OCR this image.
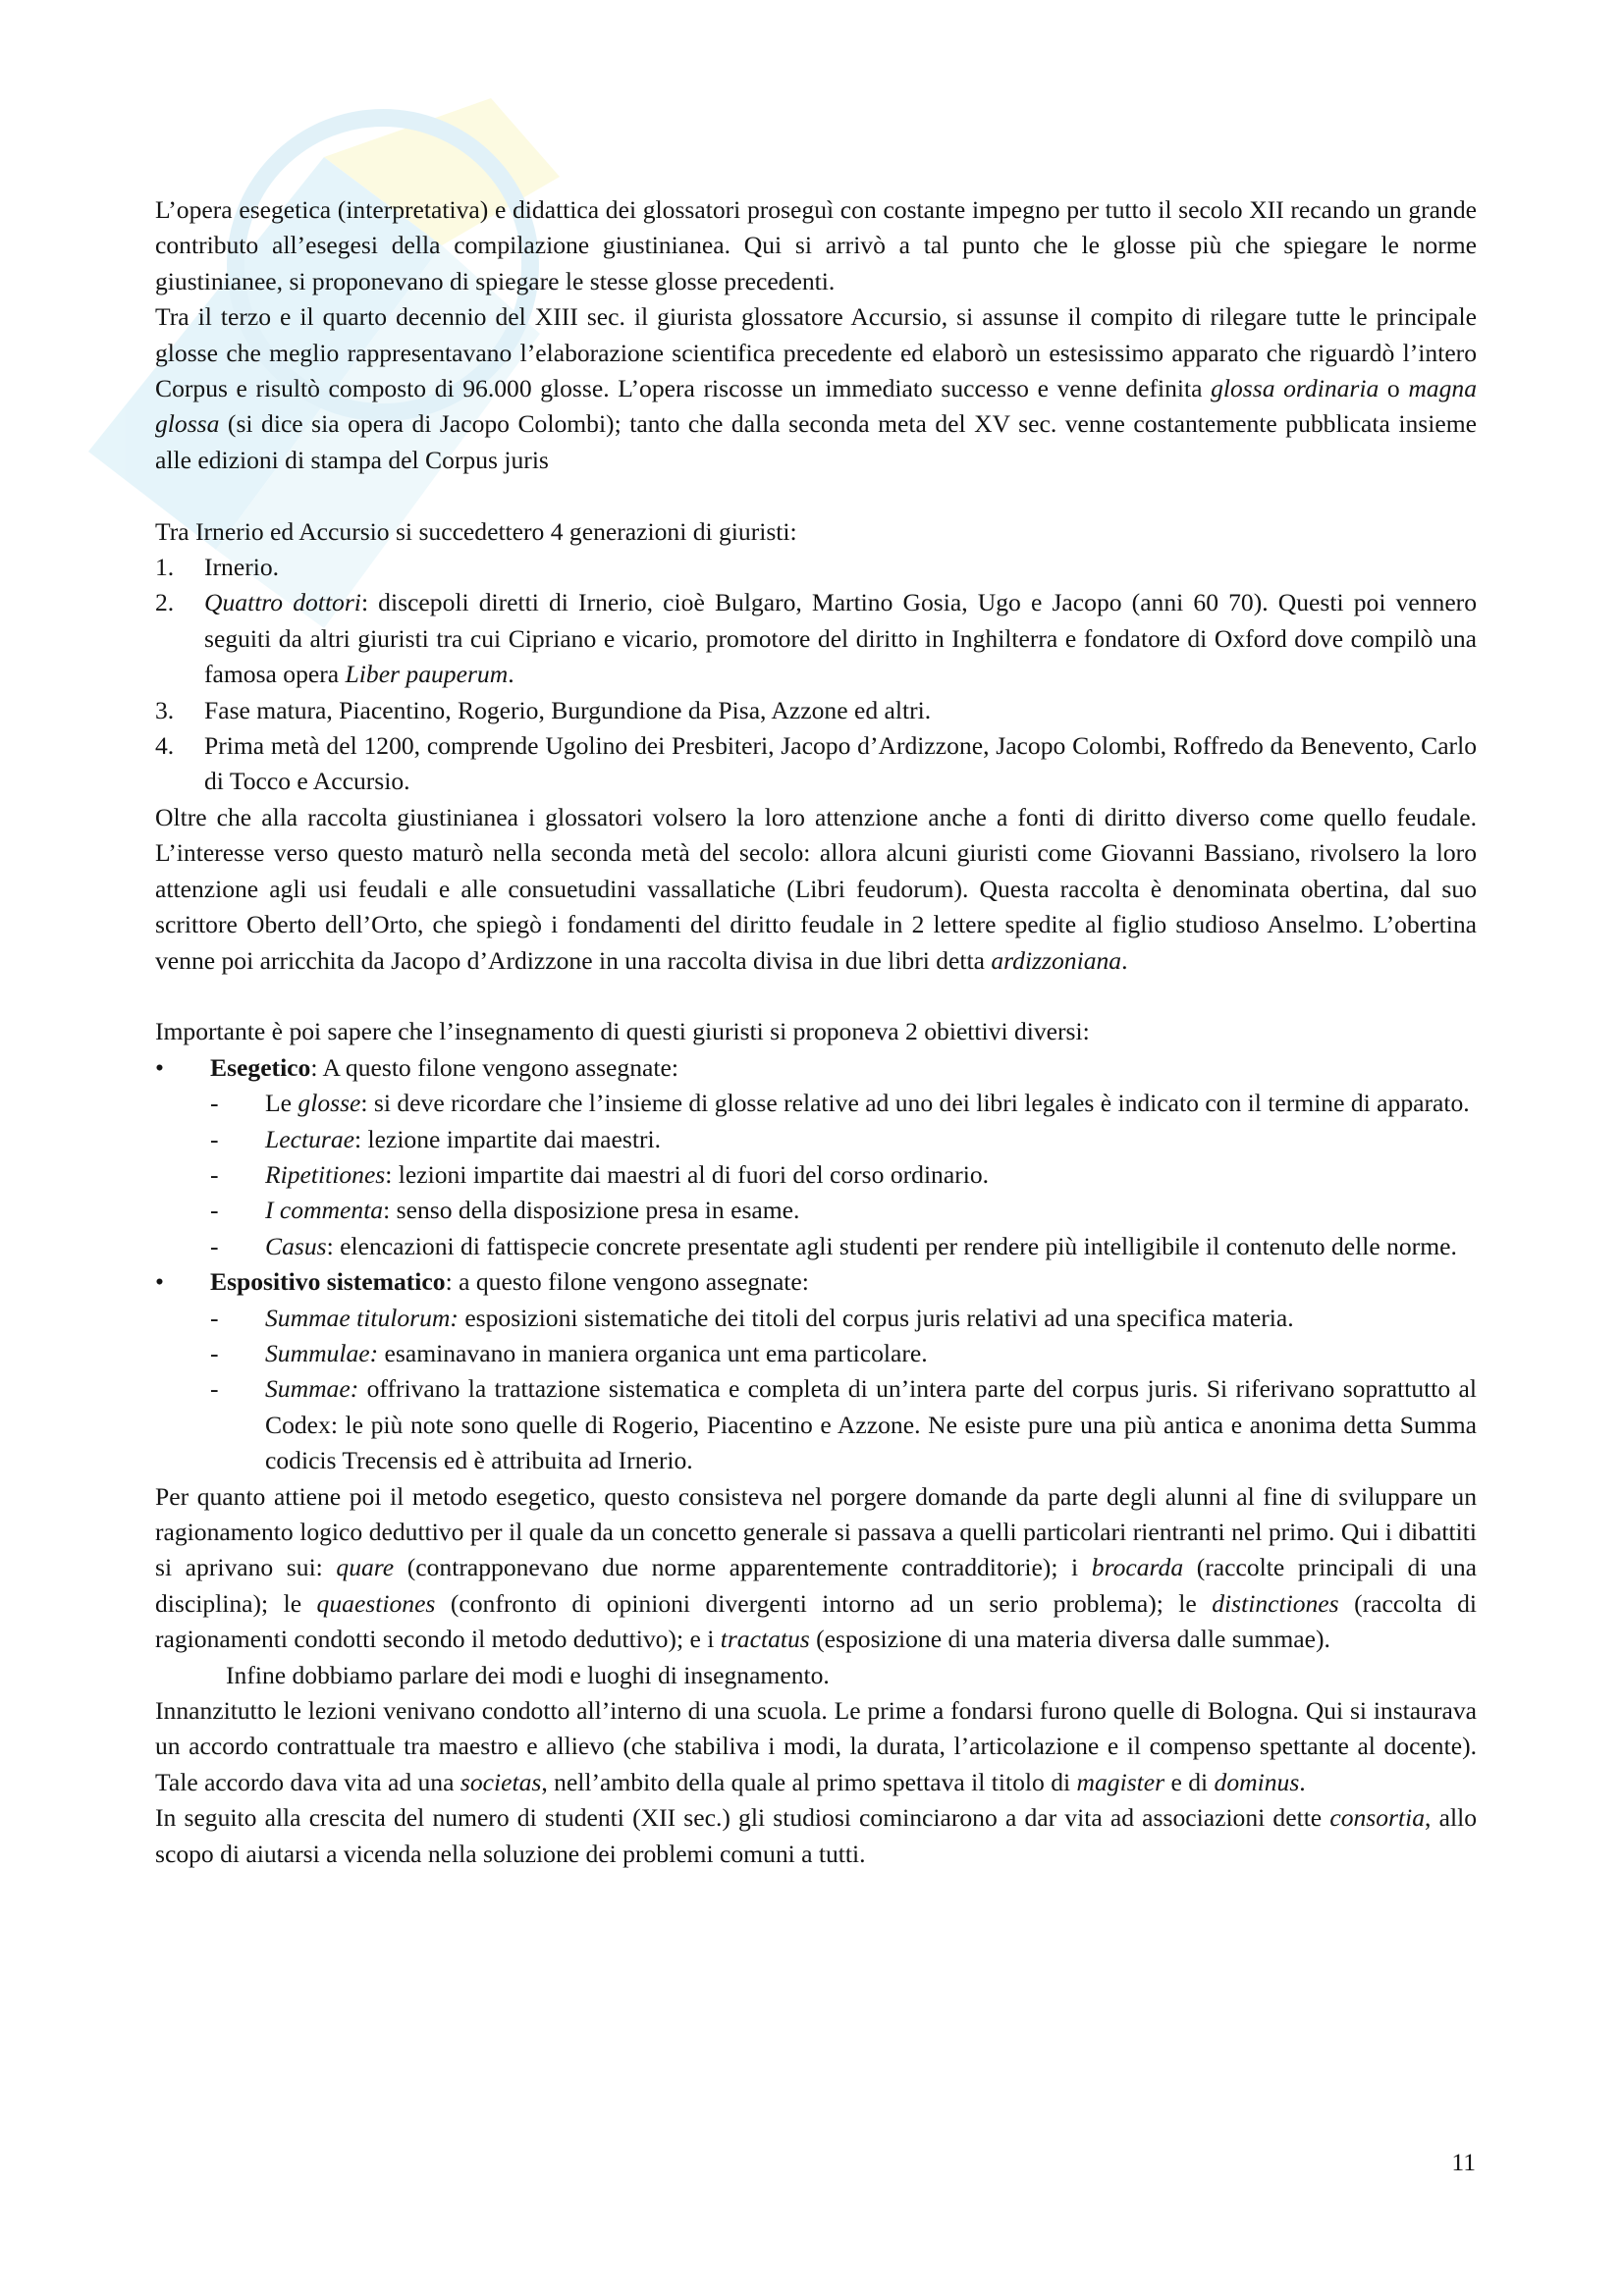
L’opera esegetica (interpretativa) e didattica dei glossatori proseguì con costante impegno per tutto il secolo XII recando un grande contributo all’esegesi della compilazione giustinianea. Qui si arrivò a tal punto che le glosse più che spiegare le norme giustinianee, si proponevano di spiegare le stesse glosse precedenti.

Tra il terzo e il quarto decennio del XIII sec. il giurista glossatore Accursio, si assunse il compito di rilegare tutte le principale glosse che meglio rappresentavano l’elaborazione scientifica precedente ed elaborò un estesissimo apparato che riguardò l’intero Corpus e risultò composto di 96.000 glosse. L’opera riscosse un immediato successo e venne definita glossa ordinaria o magna glossa (si dice sia opera di Jacopo Colombi); tanto che dalla seconda meta del XV sec. venne costantemente pubblicata insieme alle edizioni di stampa del Corpus juris

Tra Irnerio ed Accursio si succedettero 4 generazioni di giuristi:

1. Irnerio.
2. Quattro dottori: discepoli diretti di Irnerio, cioè Bulgaro, Martino Gosia, Ugo e Jacopo (anni 60 70). Questi poi vennero seguiti da altri giuristi tra cui Cipriano e vicario, promotore del diritto in Inghilterra e fondatore di Oxford dove compilò una famosa opera Liber pauperum.
3. Fase matura, Piacentino, Rogerio, Burgundione da Pisa, Azzone ed altri.
4. Prima metà del 1200, comprende Ugolino dei Presbiteri, Jacopo d’Ardizzone, Jacopo Colombi, Roffredo da Benevento, Carlo di Tocco e Accursio.

Oltre che alla raccolta giustinianea i glossatori volsero la loro attenzione anche a fonti di diritto diverso come quello feudale. L’interesse verso questo maturò nella seconda metà del secolo: allora alcuni giuristi come Giovanni Bassiano, rivolsero la loro attenzione agli usi feudali e alle consuetudini vassallatiche (Libri feudorum). Questa raccolta è denominata obertina, dal suo scrittore Oberto dell’Orto, che spiegò i fondamenti del diritto feudale in 2 lettere spedite al figlio studioso Anselmo. L’obertina venne poi arricchita da Jacopo d’Ardizzone in una raccolta divisa in due libri detta ardizzoniana.

Importante è poi sapere che l’insegnamento di questi giuristi si proponeva 2 obiettivi diversi:

• Esegetico: A questo filone vengono assegnate:

- Le glosse: si deve ricordare che l’insieme di glosse relative ad uno dei libri legales è indicato con il termine di apparato.
- Lecturae: lezione impartite dai maestri.
- Ripetitiones: lezioni impartite dai maestri al di fuori del corso ordinario.
- I commenta: senso della disposizione presa in esame.
- Casus: elencazioni di fattispecie concrete presentate agli studenti per rendere più intelligibile il contenuto delle norme.
• Espositivo sistematico: a questo filone vengono assegnate:

- Summae titulorum: esposizioni sistematiche dei titoli del corpus juris relativi ad una specifica materia.
- Summulae: esaminavano in maniera organica unt ema particolare.
- Summae: offrivano la trattazione sistematica e completa di un’intera parte del corpus juris. Si riferivano soprattutto al Codex: le più note sono quelle di Rogerio, Piacentino e Azzone. Ne esiste pure una più antica e anonima detta Summa codicis Trecensis ed è attribuita ad Irnerio.

Per quanto attiene poi il metodo esegetico, questo consisteva nel porgere domande da parte degli alunni al fine di sviluppare un ragionamento logico deduttivo per il quale da un concetto generale si passava a quelli particolari rientranti nel primo. Qui i dibattiti si aprivano sui: quare (contrapponevano due norme apparentemente contradditorie); i brocarda (raccolte principali di una disciplina); le quaestiones (confronto di opinioni divergenti intorno ad un serio problema); le distinctiones (raccolta di ragionamenti condotti secondo il metodo deduttivo); e i tractatus (esposizione di una materia diversa dalle summae).

Infine dobbiamo parlare dei modi e luoghi di insegnamento.

Innanzitutto le lezioni venivano condotto all’interno di una scuola. Le prime a fondarsi furono quelle di Bologna. Qui si instaurava un accordo contrattuale tra maestro e allievo (che stabiliva i modi, la durata, l’articolazione e il compenso spettante al docente). Tale accordo dava vita ad una societas, nell’ambito della quale al primo spettava il titolo di magister e di dominus.

In seguito alla crescita del numero di studenti (XII sec.) gli studiosi cominciarono a dar vita ad associazioni dette consortia, allo scopo di aiutarsi a vicenda nella soluzione dei problemi comuni a tutti.

11
